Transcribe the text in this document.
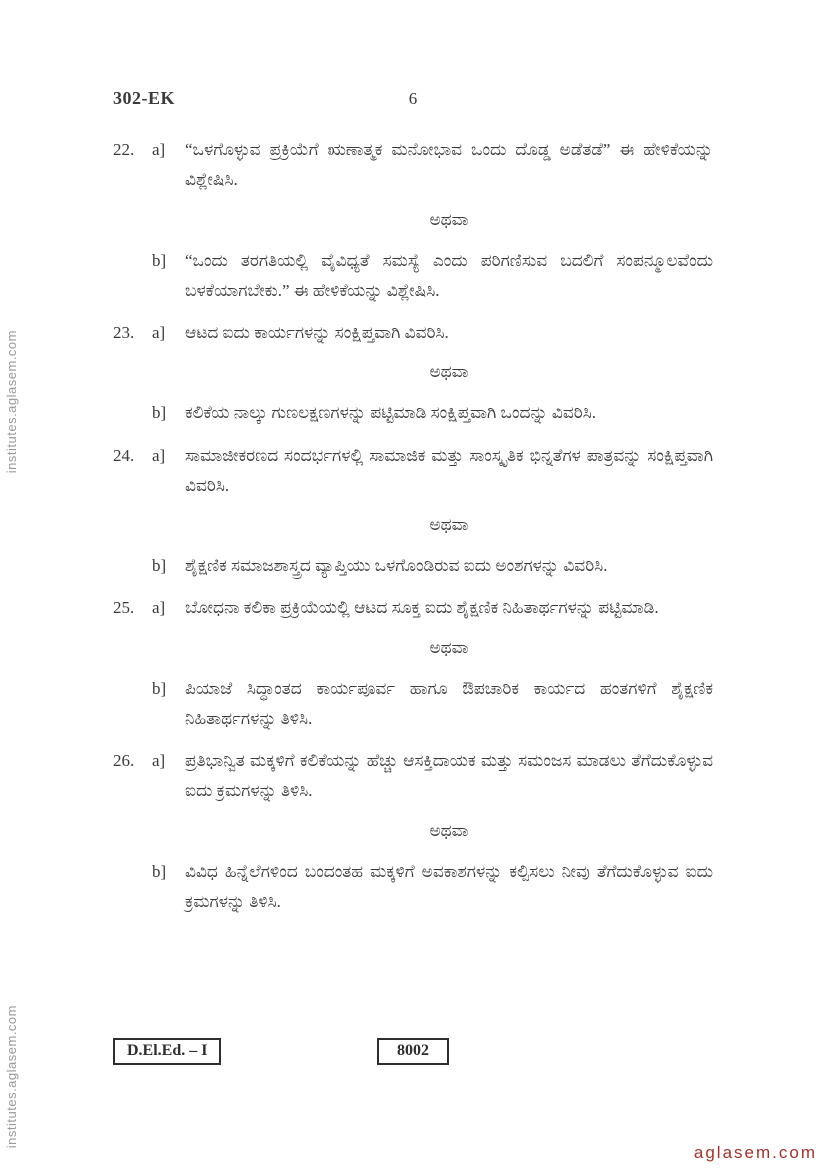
302-EK	6
22.	a]	“ಒಳಗೊಳ್ಳುವ ಪ್ರಕ್ರಿಯೆಗೆ ಋಣಾತ್ಮಕ ಮನೋಭಾವ ಒಂದು ದೊಡ್ಡ ಅಡೆತಡೆ” ಈ ಹೇಳಿಕೆಯನ್ನು ವಿಶ್ಲೇಷಿಸಿ.
ಅಥವಾ
b]	“ಒಂದು ತರಗತಿಯಲ್ಲಿ ವೈವಿಧ್ಯತೆ ಸಮಸ್ಯೆ ಎಂದು ಪರಿಗಣಿಸುವ ಬದಲಿಗೆ ಸಂಪನ್ಮೂಲವೆಂದು ಬಳಕೆಯಾಗಬೇಕು.” ಈ ಹೇಳಿಕೆಯನ್ನು ವಿಶ್ಲೇಷಿಸಿ.
23.	a]	ಆಟದ ಐದು ಕಾರ್ಯಗಳನ್ನು ಸಂಕ್ಷಿಪ್ತವಾಗಿ ವಿವರಿಸಿ.
ಅಥವಾ
b]	ಕಲಿಕೆಯ ನಾಲ್ಕು ಗುಣಲಕ್ಷಣಗಳನ್ನು ಪಟ್ಟಿಮಾಡಿ ಸಂಕ್ಷಿಪ್ತವಾಗಿ ಒಂದನ್ನು ವಿವರಿಸಿ.
24.	a]	ಸಾಮಾಜೀಕರಣದ ಸಂದರ್ಭಗಳಲ್ಲಿ ಸಾಮಾಜಿಕ ಮತ್ತು ಸಾಂಸ್ಕೃತಿಕ ಭಿನ್ನತೆಗಳ ಪಾತ್ರವನ್ನು ಸಂಕ್ಷಿಪ್ತವಾಗಿ ವಿವರಿಸಿ.
ಅಥವಾ
b]	ಶೈಕ್ಷಣಿಕ ಸಮಾಜಶಾಸ್ತ್ರದ ವ್ಯಾಪ್ತಿಯು ಒಳಗೊಂಡಿರುವ ಐದು ಅಂಶಗಳನ್ನು ವಿವರಿಸಿ.
25.	a]	ಬೋಧನಾ ಕಲಿಕಾ ಪ್ರಕ್ರಿಯೆಯಲ್ಲಿ ಆಟದ ಸೂಕ್ತ ಐದು ಶೈಕ್ಷಣಿಕ ನಿಹಿತಾರ್ಥಗಳನ್ನು ಪಟ್ಟಿಮಾಡಿ.
ಅಥವಾ
b]	ಪಿಯಾಜೆ ಸಿದ್ಧಾಂತದ ಕಾರ್ಯಪೂರ್ವ ಹಾಗೂ ಔಪಚಾರಿಕ ಕಾರ್ಯದ ಹಂತಗಳಿಗೆ ಶೈಕ್ಷಣಿಕ ನಿಹಿತಾರ್ಥಗಳನ್ನು ತಿಳಿಸಿ.
26.	a]	ಪ್ರತಿಭಾನ್ವಿತ ಮಕ್ಕಳಿಗೆ ಕಲಿಕೆಯನ್ನು ಹೆಚ್ಚು ಆಸಕ್ತಿದಾಯಕ ಮತ್ತು ಸಮಂಜಸ ಮಾಡಲು ತೆಗೆದುಕೊಳ್ಳುವ ಐದು ಕ್ರಮಗಳನ್ನು ತಿಳಿಸಿ.
ಅಥವಾ
b]	ವಿವಿಧ ಹಿನ್ನೆಲೆಗಳಿಂದ ಬಂದಂತಹ ಮಕ್ಕಳಿಗೆ ಅವಕಾಶಗಳನ್ನು ಕಲ್ಪಿಸಲು ನೀವು ತೆಗೆದುಕೊಳ್ಳುವ ಐದು ಕ್ರಮಗಳನ್ನು ತಿಳಿಸಿ.
D.El.Ed. – I	8002
institutes.aglasem.com
institutes.aglasem.com
aglasem.com
